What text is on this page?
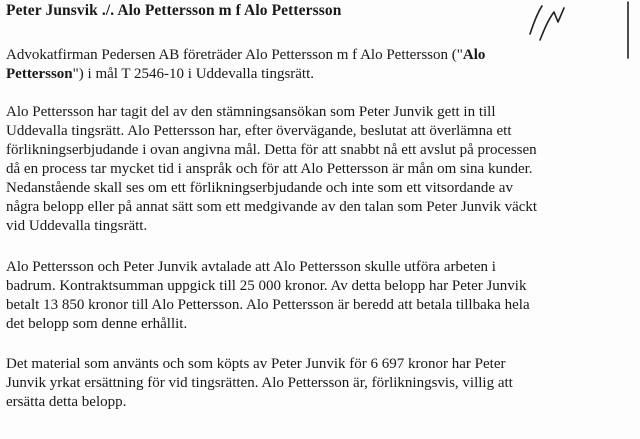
Peter Junsvik ./. Alo Pettersson m f Alo Pettersson

Advokatfirman Pedersen AB företräder Alo Pettersson m f Alo Pettersson ("Alo
Pettersson") i mål T 2546-10 i Uddevalla tingsrätt.

Alo Pettersson har tagit del av den stämningsansökan som Peter Junvik gett in till
Uddevalla tingsrätt. Alo Pettersson har, efter övervägande, beslutat att överlämna ett
förlikningserbjudande i ovan angivna mål. Detta för att snabbt nå ett avslut på processen
då en process tar mycket tid i anspråk och för att Alo Pettersson är mån om sina kunder.
Nedanstående skall ses om ett förlikningserbjudande och inte som ett vitsordande av
några belopp eller på annat sätt som ett medgivande av den talan som Peter Junvik väckt
vid Uddevalla tingsrätt.

Alo Pettersson och Peter Junvik avtalade att Alo Pettersson skulle utföra arbeten i
badrum. Kontraktsumman uppgick till 25 000 kronor. Av detta belopp har Peter Junvik
betalt 13 850 kronor till Alo Pettersson. Alo Pettersson är beredd att betala tillbaka hela
det belopp som denne erhållit.

Det material som använts och som köpts av Peter Junvik för 6 697 kronor har Peter
Junvik yrkat ersättning för vid tingsrätten. Alo Pettersson är, förlikningsvis, villig att
ersätta detta belopp.
